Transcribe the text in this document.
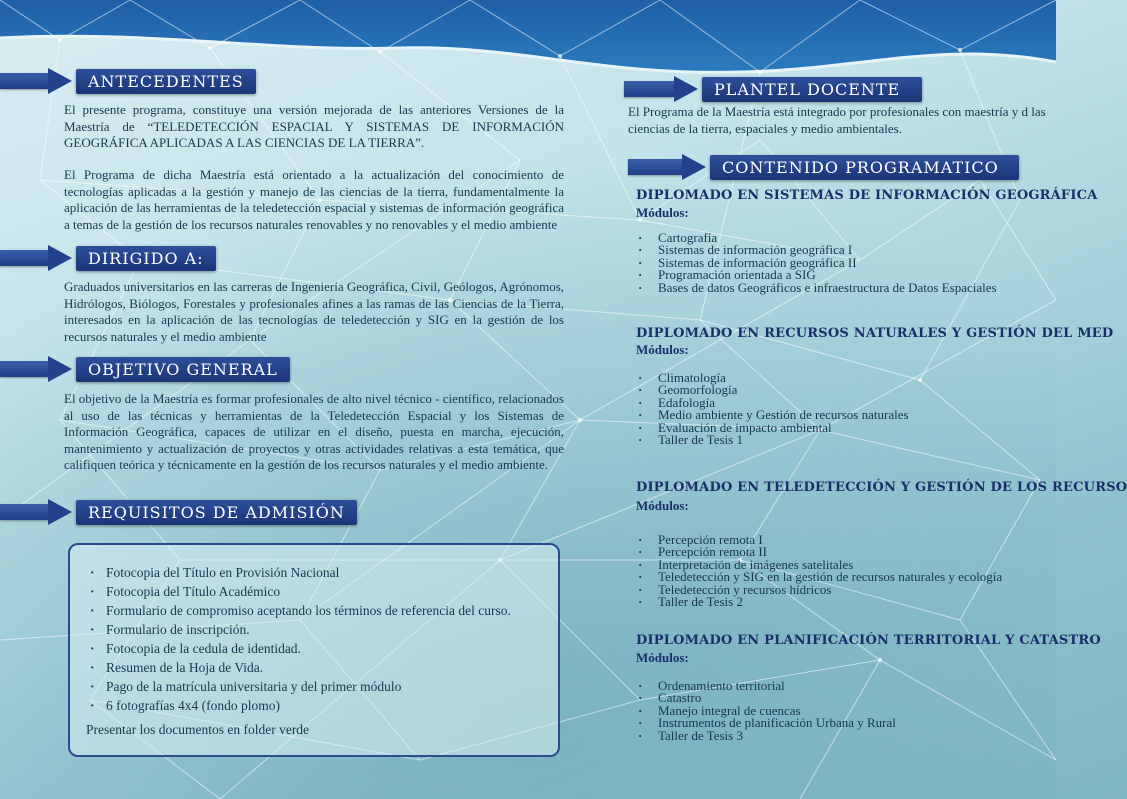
ANTECEDENTES

El presente programa, constituye una versión mejorada de las anteriores Versiones de la Maestría de “TELEDETECCIÓN ESPACIAL Y SISTEMAS DE INFORMACIÓN GEOGRÁFICA APLICADAS A LAS CIENCIAS DE LA TIERRA”.

El Programa de dicha Maestría está orientado a la actualización del conocimiento de tecnologías aplicadas a la gestión y manejo de las ciencias de la tierra, fundamentalmente la aplicación de las herramientas de la teledetección espacial y sistemas de información geográfica a temas de la gestión de los recursos naturales renovables y no renovables y el medio ambiente

DIRIGIDO A:

Graduados universitarios en las carreras de Ingeniería Geográfica, Civil, Geólogos, Agrónomos, Hidrólogos, Biólogos, Forestales y profesionales afines a las ramas de las Ciencias de la Tierra, interesados en la aplicación de las tecnologías de teledetección y SIG en la gestión de los recursos naturales y el medio ambiente

OBJETIVO GENERAL

El objetivo de la Maestría es formar profesionales de alto nivel técnico - científico, relacionados al uso de las técnicas y herramientas de la Teledetección Espacial y los Sistemas de Información Geográfica, capaces de utilizar en el diseño, puesta en marcha, ejecución, mantenimiento y actualización de proyectos y otras actividades relativas a esta temática, que califiquen teórica y técnicamente en la gestión de los recursos naturales y el medio ambiente.

REQUISITOS DE ADMISIÓN
· Fotocopia del Título en Provisión Nacional
· Fotocopia del Título Académico
· Formulario de compromiso aceptando los términos de referencia del curso.
· Formulario de inscripción.
· Fotocopia de la cedula de identidad.
· Resumen de la Hoja de Vida.
· Pago de la matrícula universitaria y del primer módulo
· 6 fotografías 4x4 (fondo plomo)

Presentar los documentos en folder verde

PLANTEL DOCENTE

El Programa de la Maestría está integrado por profesionales con maestría y d las ciencias de la tierra, espaciales y medio ambientales.

CONTENIDO PROGRAMATICO

DIPLOMADO EN SISTEMAS DE INFORMACIÓN GEOGRÁFICA

Módulos:

· Cartografía
· Sistemas de información geográfica I
· Sistemas de información geográfica II
· Programación orientada a SIG
· Bases de datos Geográficos e infraestructura de Datos Espaciales

DIPLOMADO EN RECURSOS NATURALES Y GESTIÓN DEL MED

Módulos:

· Climatología
· Geomorfología
· Edafología
· Medio ambiente y Gestión de recursos naturales
· Evaluación de impacto ambiental
· Taller de Tesis 1

DIPLOMADO EN TELEDETECCIÓN Y GESTIÓN DE LOS RECURSO

Módulos:

· Percepción remota I
· Percepción remota II
· Interpretación de imágenes satelitales
· Teledetección y SIG en la gestión de recursos naturales y ecología
· Teledetección y recursos hídricos
· Taller de Tesis 2

DIPLOMADO EN PLANIFICACIÓN TERRITORIAL Y CATASTRO

Módulos:

· Ordenamiento territorial
· Catastro
· Manejo integral de cuencas
· Instrumentos de planificación Urbana y Rural
· Taller de Tesis 3
